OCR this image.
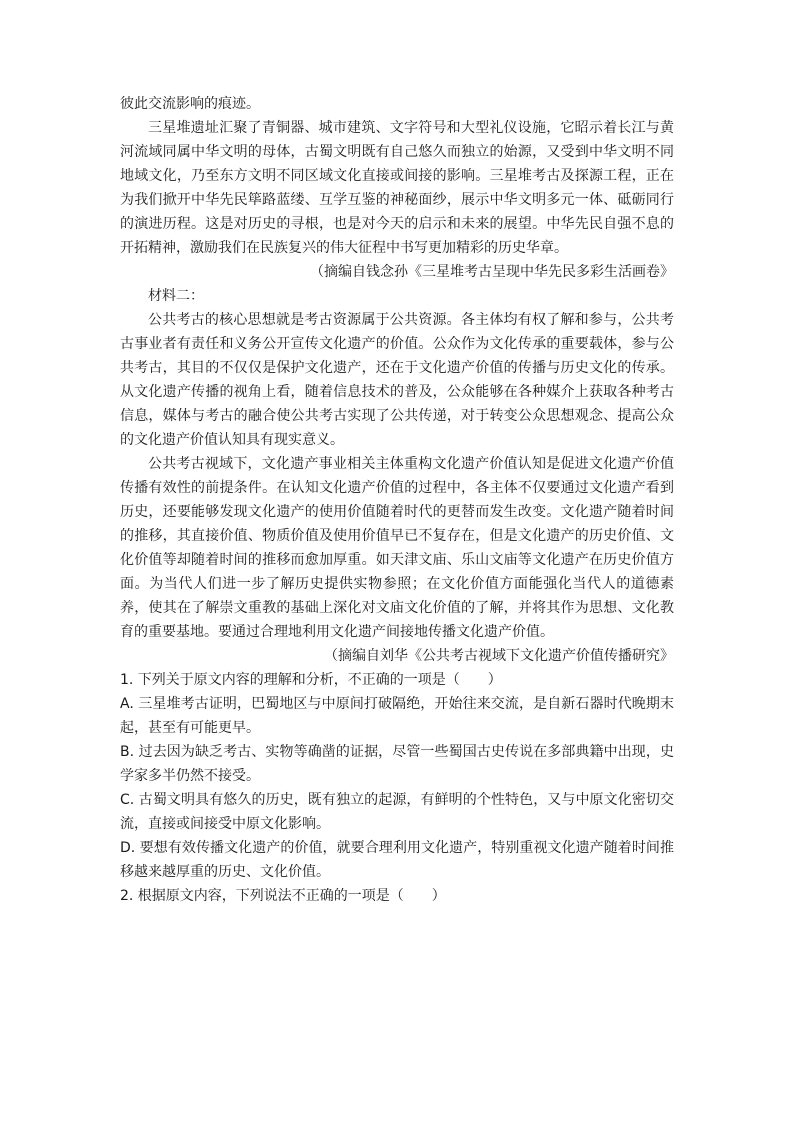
彼此交流影响的痕迹。
三星堆遗址汇聚了青铜器、城市建筑、文字符号和大型礼仪设施，它昭示着长江与黄
河流域同属中华文明的母体，古蜀文明既有自己悠久而独立的始源，又受到中华文明不同
地域文化，乃至东方文明不同区域文化直接或间接的影响。三星堆考古及探源工程，正在
为我们掀开中华先民筚路蓝缕、互学互鉴的神秘面纱，展示中华文明多元一体、砥砺同行
的演进历程。这是对历史的寻根，也是对今天的启示和未来的展望。中华先民自强不息的
开拓精神，激励我们在民族复兴的伟大征程中书写更加精彩的历史华章。
（摘编自钱念孙《三星堆考古呈现中华先民多彩生活画卷》
材料二：
公共考古的核心思想就是考古资源属于公共资源。各主体均有权了解和参与，公共考
古事业者有责任和义务公开宣传文化遗产的价值。公众作为文化传承的重要载体，参与公
共考古，其目的不仅仅是保护文化遗产，还在于文化遗产价值的传播与历史文化的传承。
从文化遗产传播的视角上看，随着信息技术的普及，公众能够在各种媒介上获取各种考古
信息，媒体与考古的融合使公共考古实现了公共传递，对于转变公众思想观念、提高公众
的文化遗产价值认知具有现实意义。
公共考古视域下，文化遗产事业相关主体重构文化遗产价值认知是促进文化遗产价值
传播有效性的前提条件。在认知文化遗产价值的过程中，各主体不仅要通过文化遗产看到
历史，还要能够发现文化遗产的使用价值随着时代的更替而发生改变。文化遗产随着时间
的推移，其直接价值、物质价值及使用价值早已不复存在，但是文化遗产的历史价值、文
化价值等却随着时间的推移而愈加厚重。如天津文庙、乐山文庙等文化遗产在历史价值方
面。为当代人们进一步了解历史提供实物参照；在文化价值方面能强化当代人的道德素
养，使其在了解崇文重教的基础上深化对文庙文化价值的了解，并将其作为思想、文化教
育的重要基地。要通过合理地利用文化遗产间接地传播文化遗产价值。
（摘编自刘华《公共考古视域下文化遗产价值传播研究》
1. 下列关于原文内容的理解和分析，不正确的一项是（　　）
A. 三星堆考古证明，巴蜀地区与中原间打破隔绝，开始往来交流，是自新石器时代晚期末
起，甚至有可能更早。
B. 过去因为缺乏考古、实物等确凿的证据，尽管一些蜀国古史传说在多部典籍中出现，史
学家多半仍然不接受。
C. 古蜀文明具有悠久的历史，既有独立的起源，有鲜明的个性特色，又与中原文化密切交
流，直接或间接受中原文化影响。
D. 要想有效传播文化遗产的价值，就要合理利用文化遗产，特别重视文化遗产随着时间推
移越来越厚重的历史、文化价值。
2. 根据原文内容，下列说法不正确的一项是（　　）
